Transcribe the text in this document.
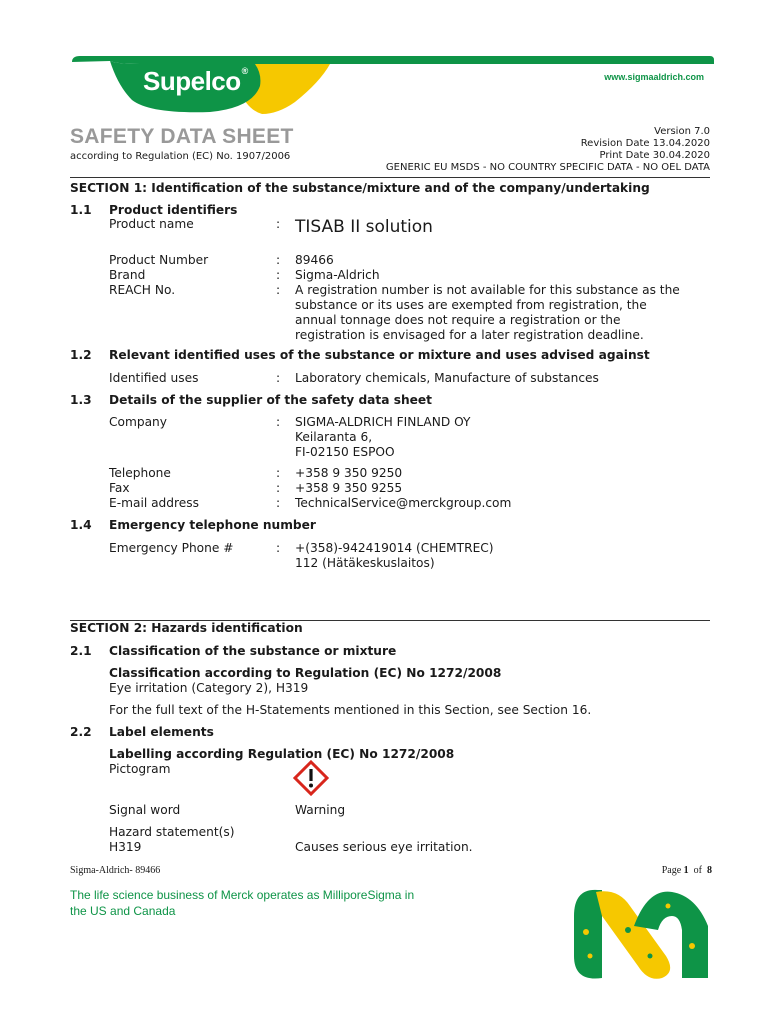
Supelco®
www.sigmaaldrich.com
SAFETY DATA SHEET
according to Regulation (EC) No. 1907/2006
Version 7.0
Revision Date 13.04.2020
Print Date 30.04.2020
GENERIC EU MSDS - NO COUNTRY SPECIFIC DATA - NO OEL DATA
SECTION 1: Identification of the substance/mixture and of the company/undertaking
1.1 Product identifiers
Product name	: TISAB II solution
Product Number	: 89466
Brand	: Sigma-Aldrich
REACH No.	: A registration number is not available for this substance as the
substance or its uses are exempted from registration, the
annual tonnage does not require a registration or the
registration is envisaged for a later registration deadline.
1.2 Relevant identified uses of the substance or mixture and uses advised against
Identified uses	: Laboratory chemicals, Manufacture of substances
1.3 Details of the supplier of the safety data sheet
Company	: SIGMA-ALDRICH FINLAND OY
Keilaranta 6,
FI-02150 ESPOO
Telephone	: +358 9 350 9250
Fax	: +358 9 350 9255
E-mail address	: TechnicalService@merckgroup.com
1.4 Emergency telephone number
Emergency Phone #	: +(358)-942419014 (CHEMTREC)
112 (Hätäkeskuslaitos)
SECTION 2: Hazards identification
2.1 Classification of the substance or mixture
Classification according to Regulation (EC) No 1272/2008
Eye irritation (Category 2), H319
For the full text of the H-Statements mentioned in this Section, see Section 16.
2.2 Label elements
Labelling according Regulation (EC) No 1272/2008
Pictogram
Signal word	Warning
Hazard statement(s)
H319	Causes serious eye irritation.
Sigma-Aldrich- 89466	Page 1 of 8
The life science business of Merck operates as MilliporeSigma in
the US and Canada
